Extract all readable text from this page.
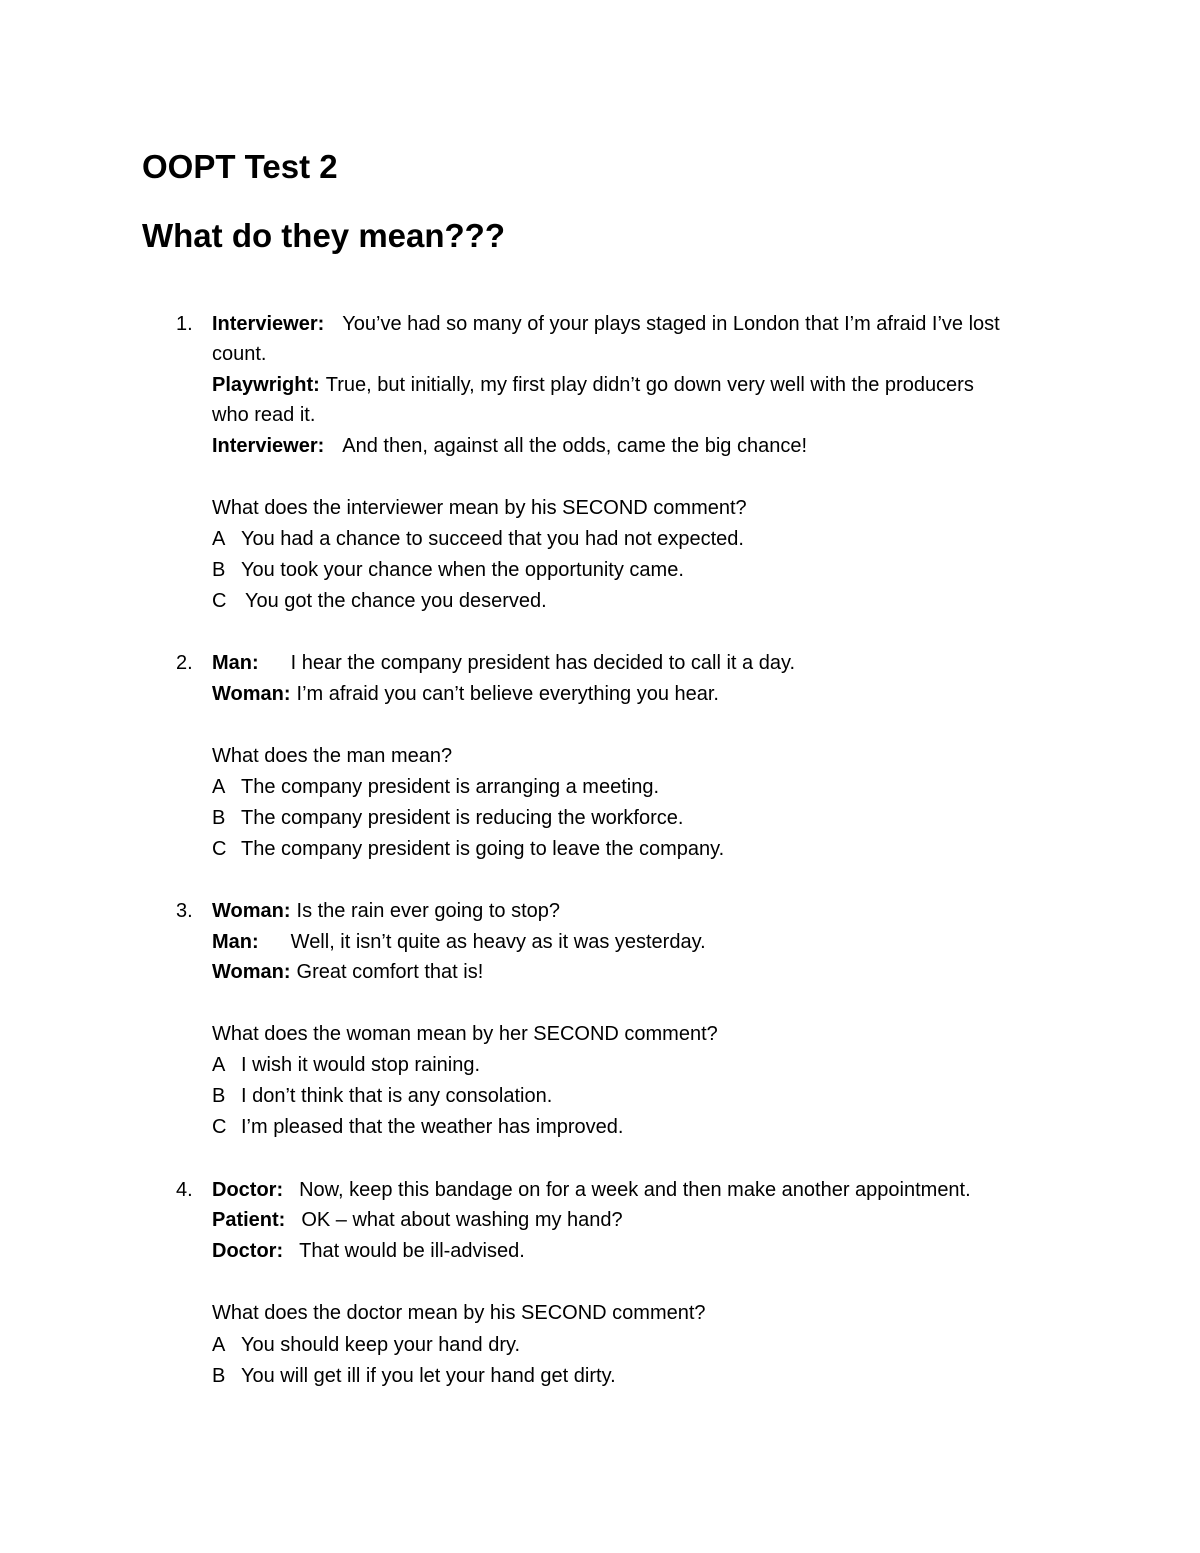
OOPT Test 2
What do they mean???
1. Interviewer: You’ve had so many of your plays staged in London that I’m afraid I’ve lost
count.
Playwright: True, but initially, my first play didn’t go down very well with the producers
who read it.
Interviewer: And then, against all the odds, came the big chance!
What does the interviewer mean by his SECOND comment?
A You had a chance to succeed that you had not expected.
B You took your chance when the opportunity came.
C You got the chance you deserved.
2. Man: I hear the company president has decided to call it a day.
Woman: I’m afraid you can’t believe everything you hear.
What does the man mean?
A The company president is arranging a meeting.
B The company president is reducing the workforce.
C The company president is going to leave the company.
3. Woman: Is the rain ever going to stop?
Man: Well, it isn’t quite as heavy as it was yesterday.
Woman: Great comfort that is!
What does the woman mean by her SECOND comment?
A I wish it would stop raining.
B I don’t think that is any consolation.
C I’m pleased that the weather has improved.
4. Doctor: Now, keep this bandage on for a week and then make another appointment.
Patient: OK – what about washing my hand?
Doctor: That would be ill-advised.
What does the doctor mean by his SECOND comment?
A You should keep your hand dry.
B You will get ill if you let your hand get dirty.
